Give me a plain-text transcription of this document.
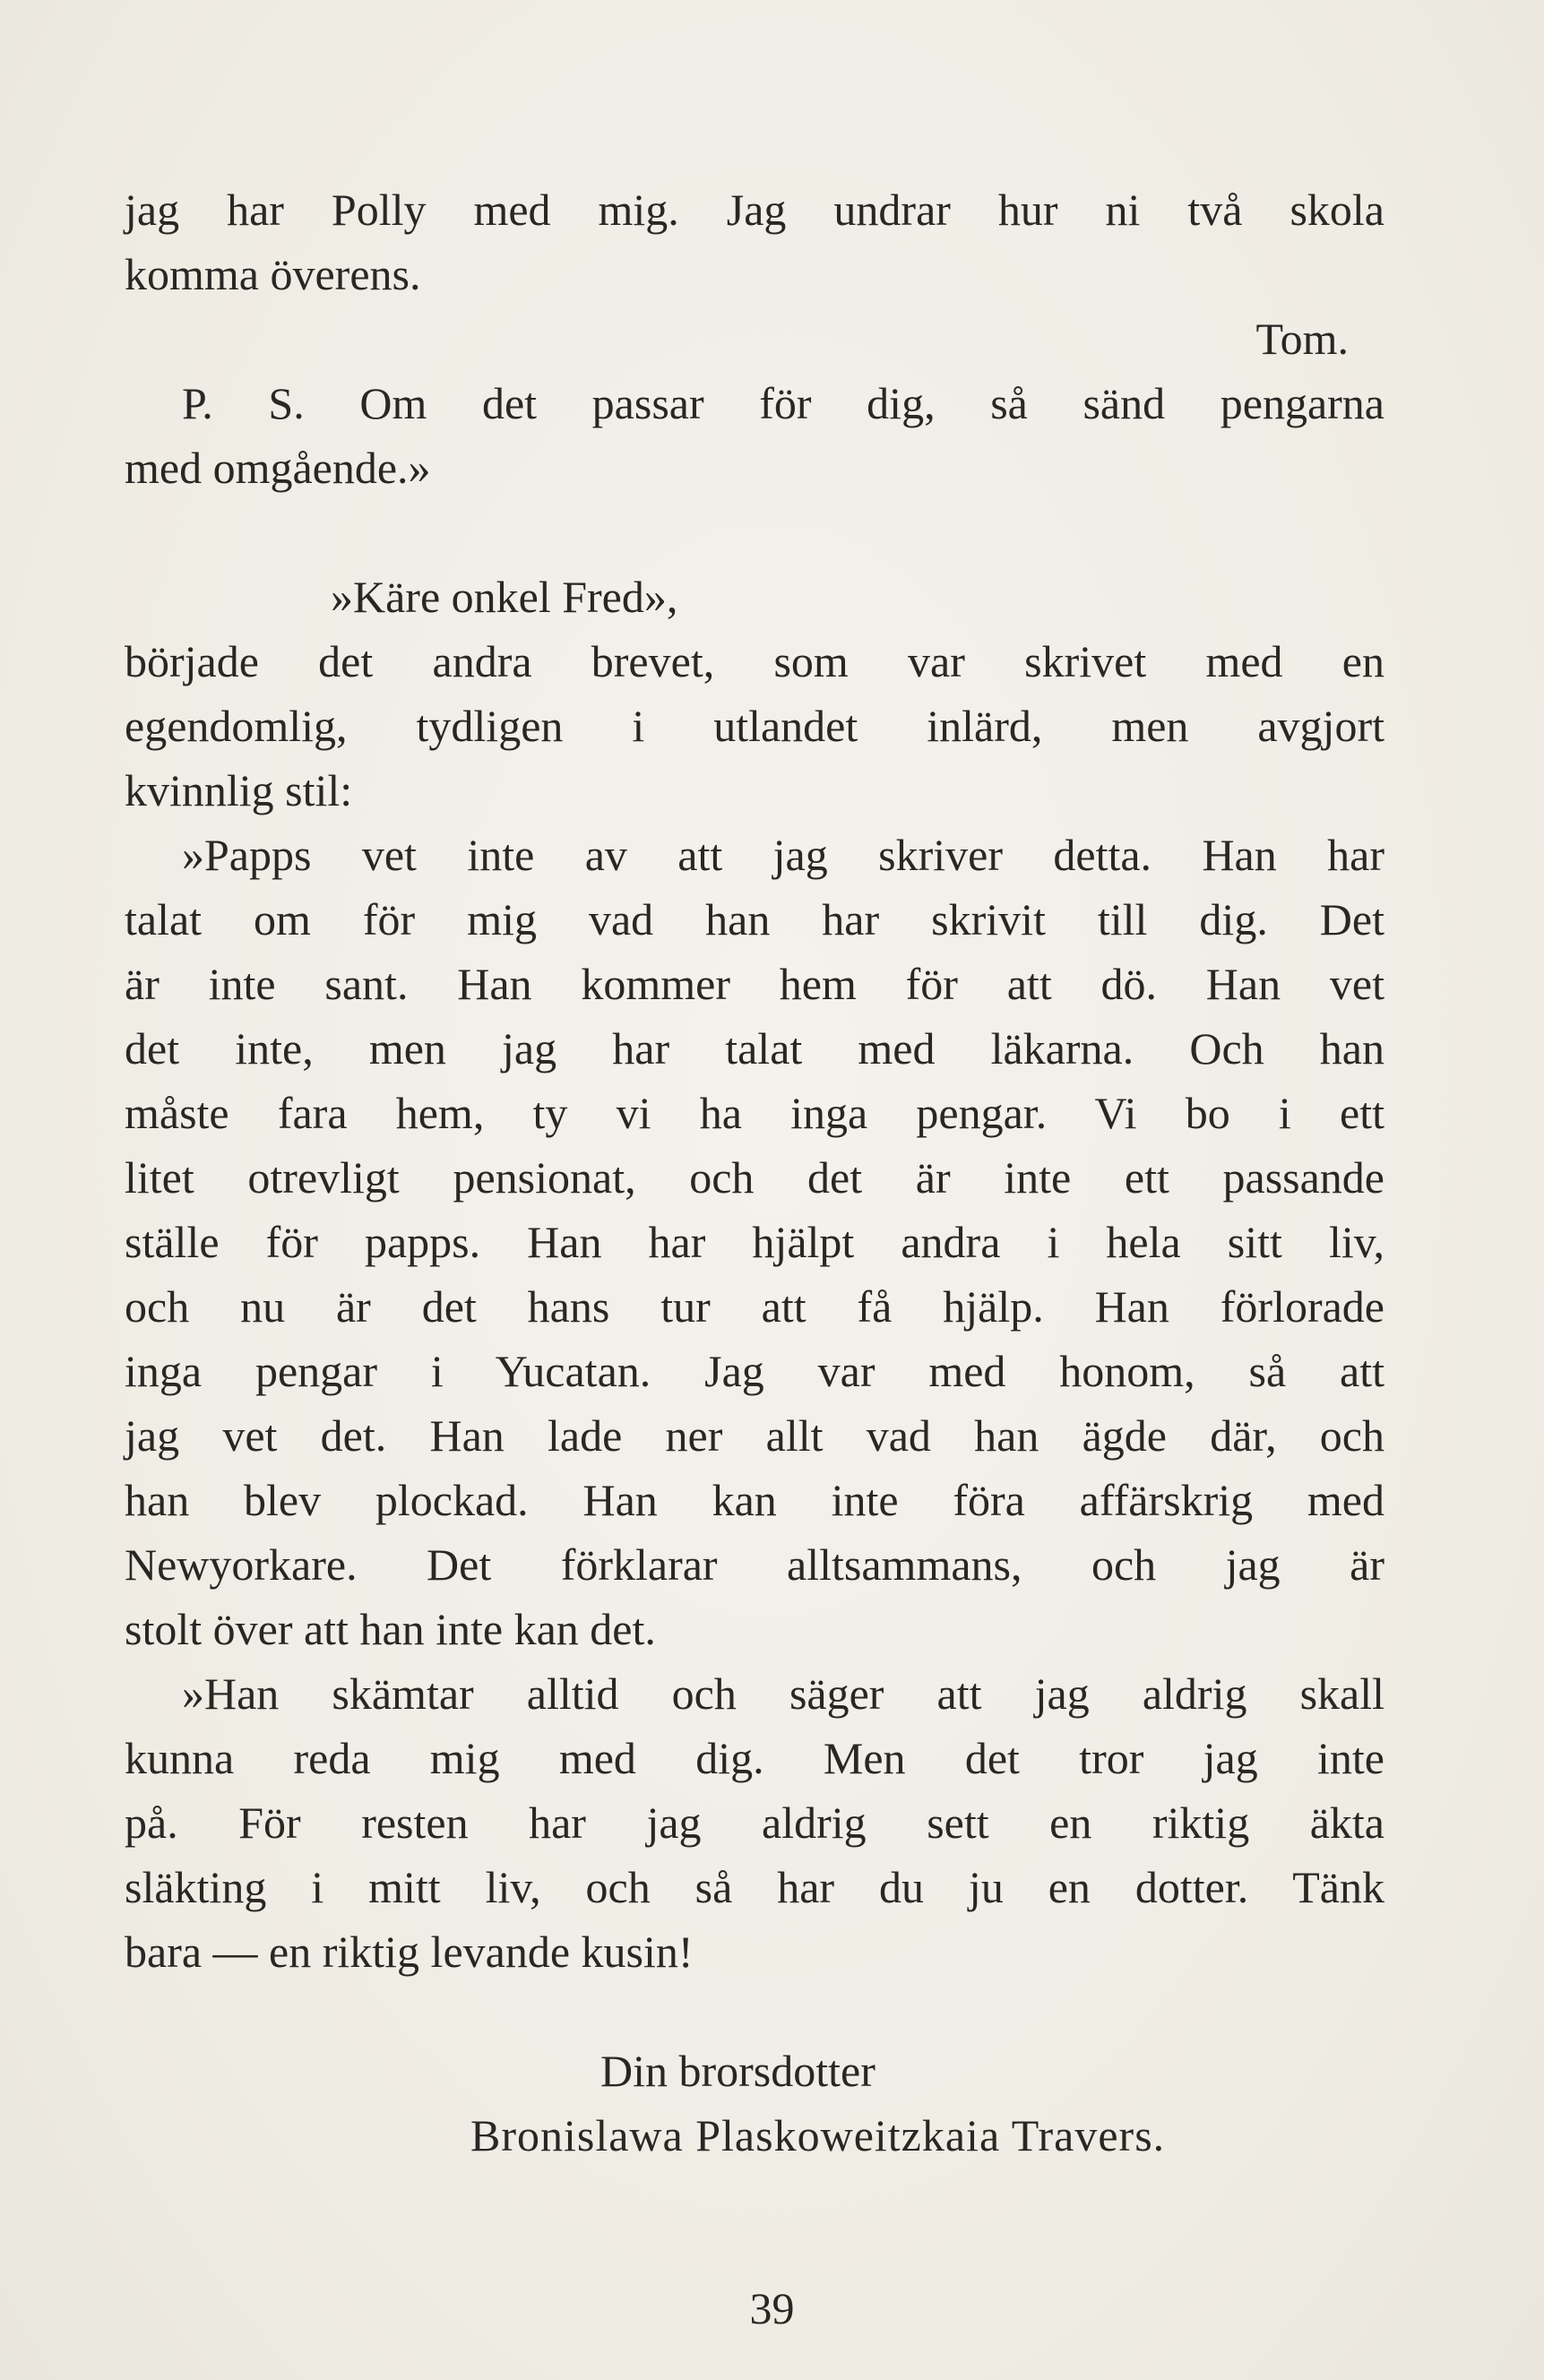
jag har Polly med mig. Jag undrar hur ni två skola
komma överens.
Tom.
P. S. Om det passar för dig, så sänd pengarna
med omgående.»
»Käre onkel Fred»,
började det andra brevet, som var skrivet med en
egendomlig, tydligen i utlandet inlärd, men avgjort
kvinnlig stil:
»Papps vet inte av att jag skriver detta. Han har
talat om för mig vad han har skrivit till dig. Det
är inte sant. Han kommer hem för att dö. Han vet
det inte, men jag har talat med läkarna. Och han
måste fara hem, ty vi ha inga pengar. Vi bo i ett
litet otrevligt pensionat, och det är inte ett passande
ställe för papps. Han har hjälpt andra i hela sitt liv,
och nu är det hans tur att få hjälp. Han förlorade
inga pengar i Yucatan. Jag var med honom, så att
jag vet det. Han lade ner allt vad han ägde där, och
han blev plockad. Han kan inte föra affärskrig med
Newyorkare. Det förklarar alltsammans, och jag är
stolt över att han inte kan det.
»Han skämtar alltid och säger att jag aldrig skall
kunna reda mig med dig. Men det tror jag inte
på. För resten har jag aldrig sett en riktig äkta
släkting i mitt liv, och så har du ju en dotter. Tänk
bara — en riktig levande kusin!
Din brorsdotter
Bronislawa Plaskoweitzkaia Travers.
39
